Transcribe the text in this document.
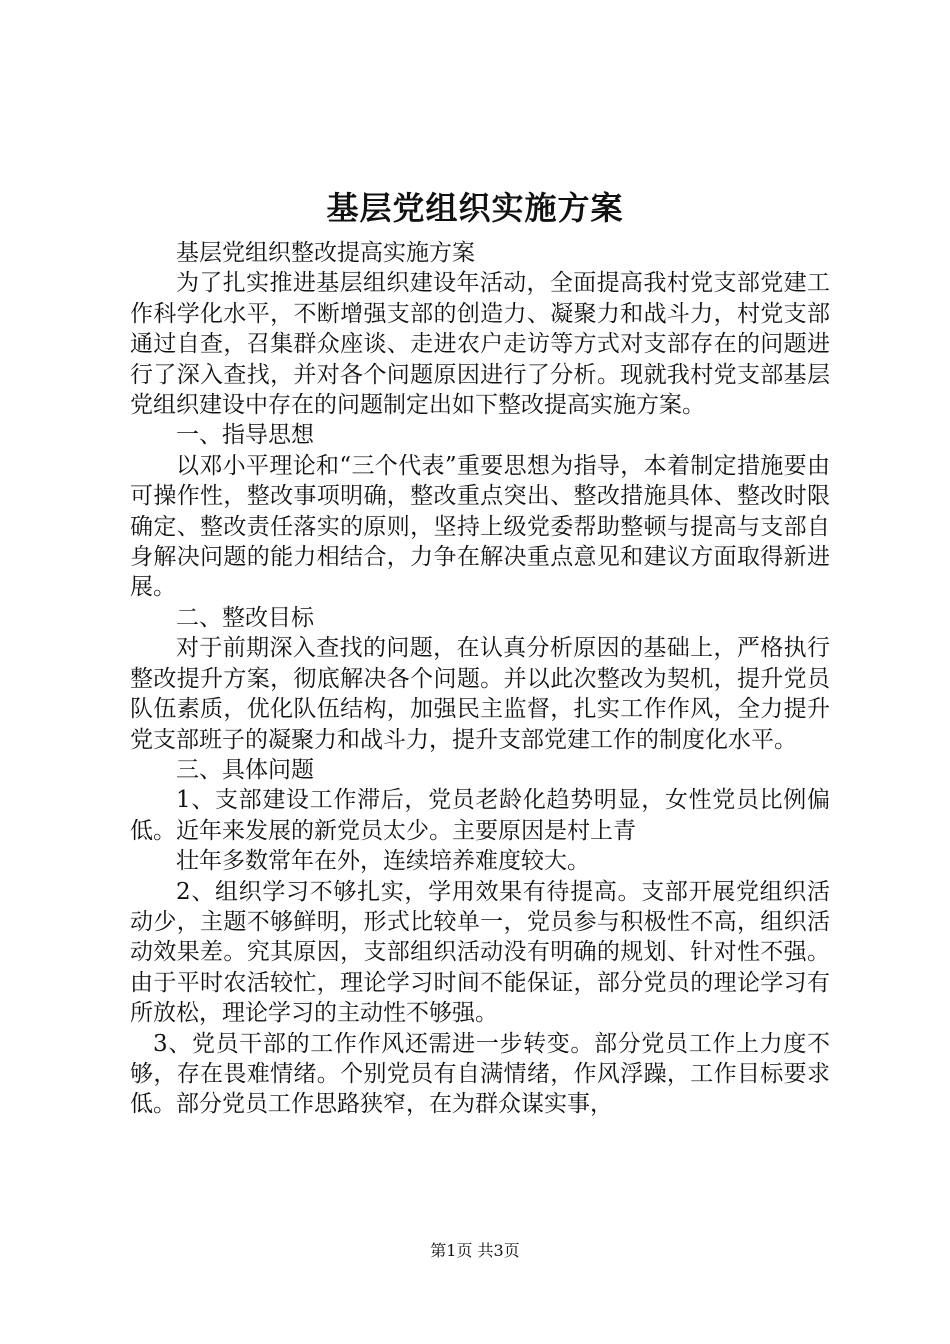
基层党组织实施方案

基层党组织整改提高实施方案

为了扎实推进基层组织建设年活动，全面提高我村党支部党建工作科学化水平，不断增强支部的创造力、凝聚力和战斗力，村党支部通过自查，召集群众座谈、走进农户走访等方式对支部存在的问题进行了深入查找，并对各个问题原因进行了分析。现就我村党支部基层党组织建设中存在的问题制定出如下整改提高实施方案。

一、指导思想

以邓小平理论和“三个代表”重要思想为指导，本着制定措施要由可操作性，整改事项明确，整改重点突出、整改措施具体、整改时限确定、整改责任落实的原则，坚持上级党委帮助整顿与提高与支部自身解决问题的能力相结合，力争在解决重点意见和建议方面取得新进展。

二、整改目标

对于前期深入查找的问题，在认真分析原因的基础上，严格执行整改提升方案，彻底解决各个问题。并以此次整改为契机，提升党员队伍素质，优化队伍结构，加强民主监督，扎实工作作风，全力提升党支部班子的凝聚力和战斗力，提升支部党建工作的制度化水平。

三、具体问题

1、支部建设工作滞后，党员老龄化趋势明显，女性党员比例偏低。近年来发展的新党员太少。主要原因是村上青

壮年多数常年在外，连续培养难度较大。

2、组织学习不够扎实，学用效果有待提高。支部开展党组织活动少，主题不够鲜明，形式比较单一，党员参与积极性不高，组织活动效果差。究其原因，支部组织活动没有明确的规划、针对性不强。由于平时农活较忙，理论学习时间不能保证，部分党员的理论学习有所放松，理论学习的主动性不够强。

3、党员干部的工作作风还需进一步转变。部分党员工作上力度不够，存在畏难情绪。个别党员有自满情绪，作风浮躁，工作目标要求低。部分党员工作思路狭窄，在为群众谋实事，

第1页 共3页
